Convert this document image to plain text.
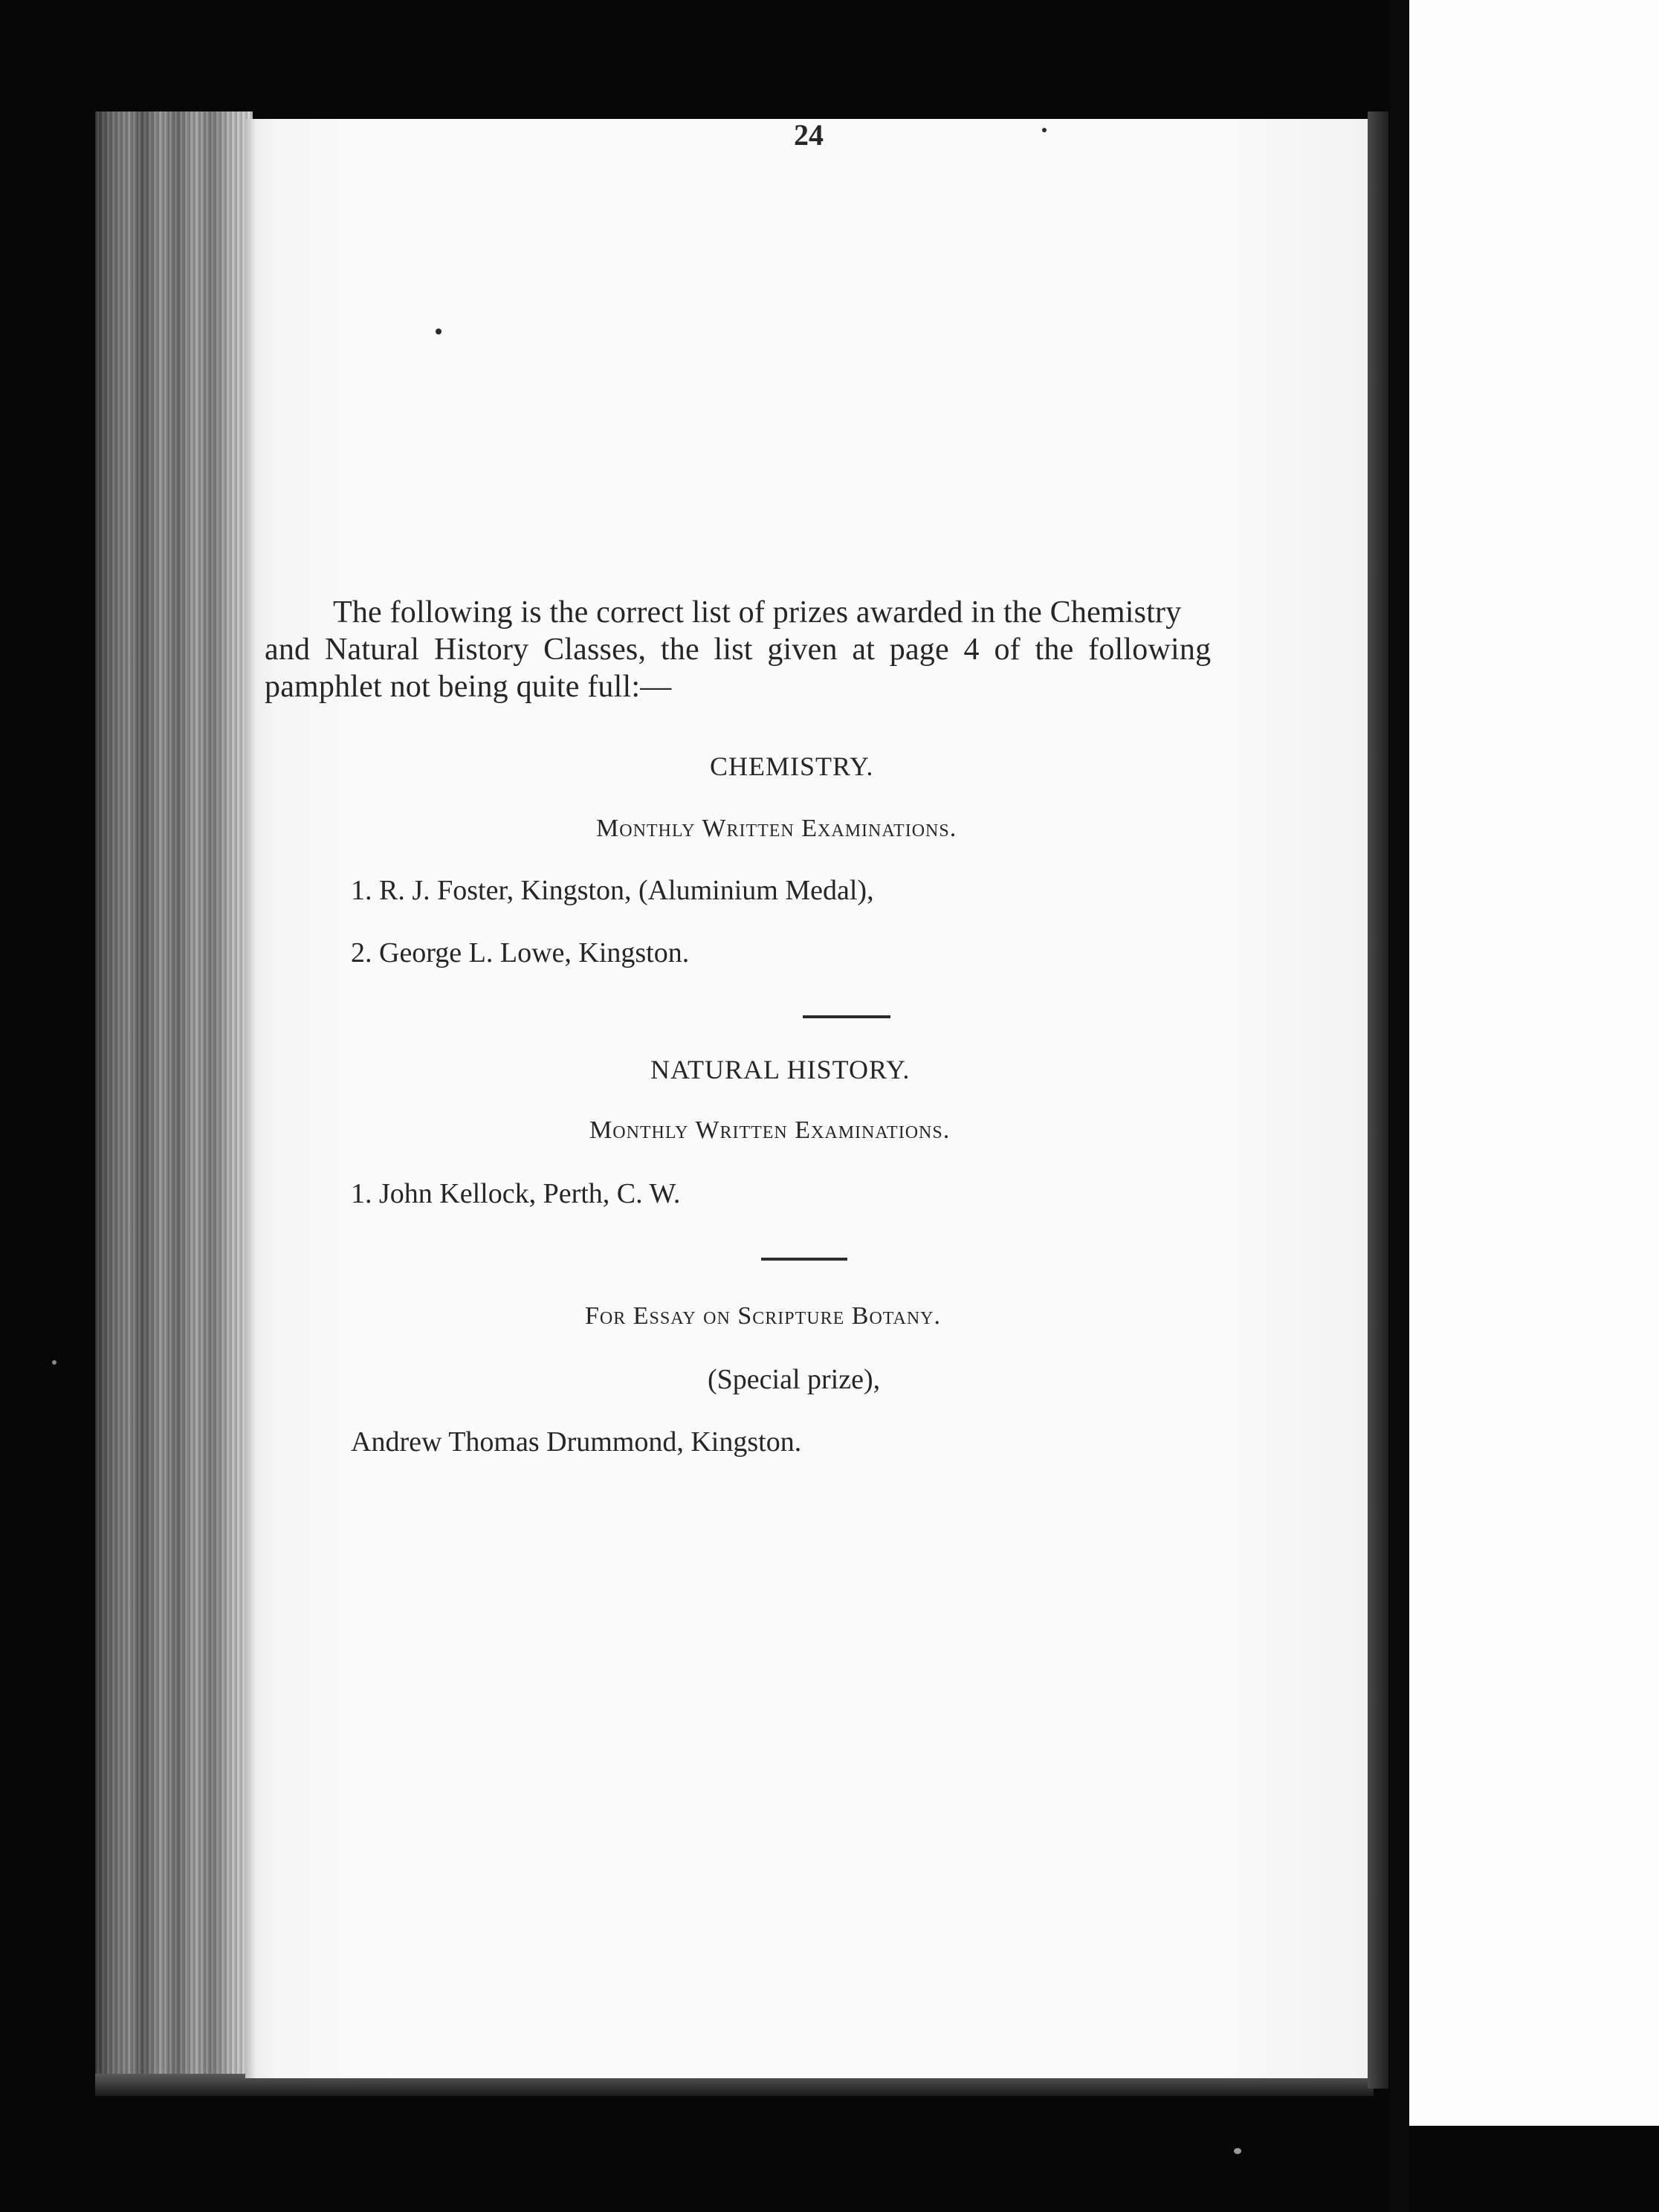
24
The following is the correct list of prizes awarded in the Chemistry
and Natural History Classes, the list given at page 4 of the following
pamphlet not being quite full:—
CHEMISTRY.
Monthly Written Examinations.
1. R. J. Foster, Kingston, (Aluminium Medal),
2. George L. Lowe, Kingston.
NATURAL HISTORY.
Monthly Written Examinations.
1. John Kellock, Perth, C. W.
For Essay on Scripture Botany.
(Special prize),
Andrew Thomas Drummond, Kingston.
